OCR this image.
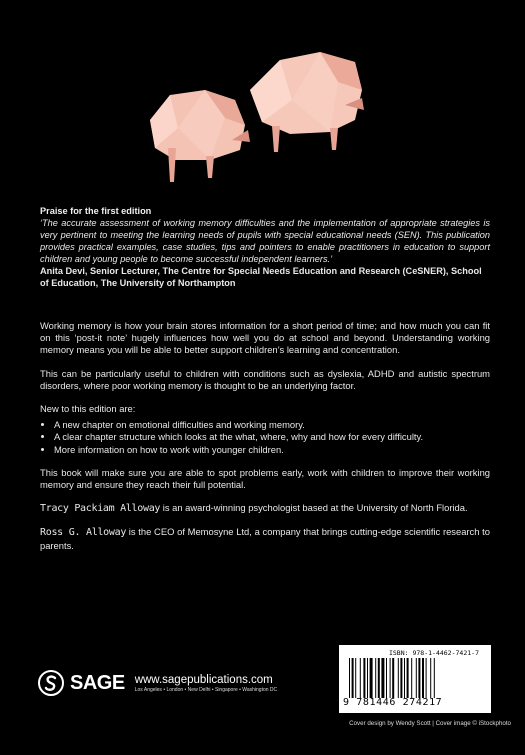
Praise for the first edition
‘The accurate assessment of working memory difficulties and the implementation of appropriate strategies is very pertinent to meeting the learning needs of pupils with special educational needs (SEN). This publication provides practical examples, case studies, tips and pointers to enable practitioners in education to support children and young people to become successful independent learners.’
Anita Devi, Senior Lecturer, The Centre for Special Needs Education and Research (CeSNER), School of Education, The University of Northampton

Working memory is how your brain stores information for a short period of time; and how much you can fit on this ‘post-it note’ hugely influences how well you do at school and beyond. Understanding working memory means you will be able to better support children’s learning and concentration.

This can be particularly useful to children with conditions such as dyslexia, ADHD and autistic spectrum disorders, where poor working memory is thought to be an underlying factor.

New to this edition are:

• A new chapter on emotional difficulties and working memory.
• A clear chapter structure which looks at the what, where, why and how for every difficulty.
• More information on how to work with younger children.

This book will make sure you are able to spot problems early, work with children to improve their working memory and ensure they reach their full potential.

Tracy Packiam Alloway is an award-winning psychologist based at the University of North Florida.

Ross G. Alloway is the CEO of Memosyne Ltd, a company that brings cutting-edge scientific research to parents.

SAGE www.sagepublications.com
Los Angeles • London • New Delhi • Singapore • Washington DC
ISBN: 978-1-4462-7421-7
9 781446 274217
Cover design by Wendy Scott | Cover image © iStockphoto
